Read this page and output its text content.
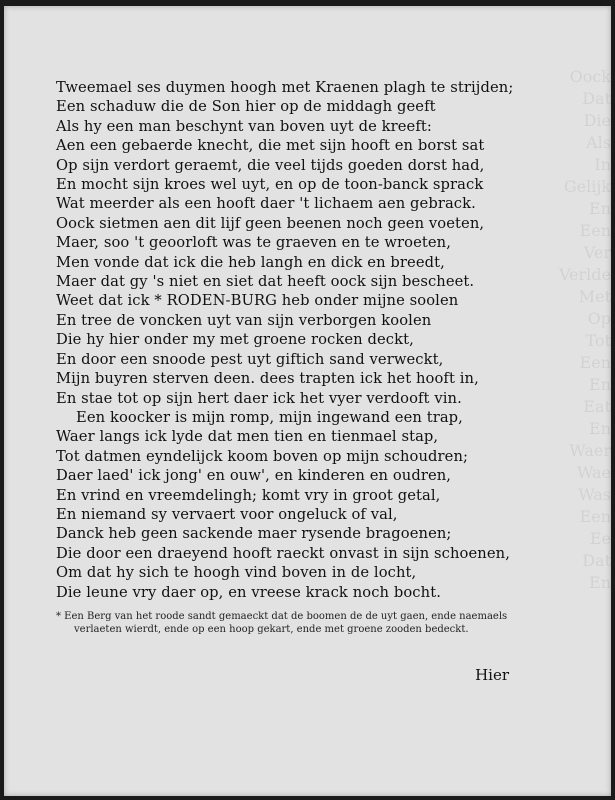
Oock
Dat
Die
Als
In
Gelijk
En
Een
Ver
Verlde
Met
Op
Tot
Een
En
Eat
En
Waer
Wae
Was
Een
Ee
Dat
En
Tweemael ses duymen hoogh met Kraenen plagh te strijden;
Een schaduw die de Son hier op de middagh geeft
Als hy een man beschynt van boven uyt de kreeft:
Aen een gebaerde knecht, die met sijn hooft en borst sat
Op sijn verdort geraemt, die veel tijds goeden dorst had,
En mocht sijn kroes wel uyt, en op de toon-banck sprack
Wat meerder als een hooft daer 't lichaem aen gebrack.
Oock sietmen aen dit lijf geen beenen noch geen voeten,
Maer, soo 't geoorloft was te graeven en te wroeten,
Men vonde dat ick die heb langh en dick en breedt,
Maer dat gy 's niet en siet dat heeft oock sijn bescheet.
Weet dat ick * RODEN-BURG heb onder mijne soolen
En tree de voncken uyt van sijn verborgen koolen
Die hy hier onder my met groene rocken deckt,
En door een snoode pest uyt giftich sand verweckt,
Mijn buyren sterven deen. dees trapten ick het hooft in,
En stae tot op sijn hert daer ick het vyer verdooft vin.
Een koocker is mijn romp, mijn ingewand een trap,
Waer langs ick lyde dat men tien en tienmael stap,
Tot datmen eyndelijck koom boven op mijn schoudren;
Daer laed' ick jong' en ouw', en kinderen en oudren,
En vrind en vreemdelingh; komt vry in groot getal,
En niemand sy vervaert voor ongeluck of val,
Danck heb geen sackende maer rysende bragoenen;
Die door een draeyend hooft raeckt onvast in sijn schoenen,
Om dat hy sich te hoogh vind boven in de locht,
Die leune vry daer op, en vreese krack noch bocht.
* Een Berg van het roode sandt gemaeckt dat de boomen de de uyt gaen, ende naemaels
verlaeten wierdt, ende op een hoop gekart, ende met groene zooden bedeckt.
Hier
